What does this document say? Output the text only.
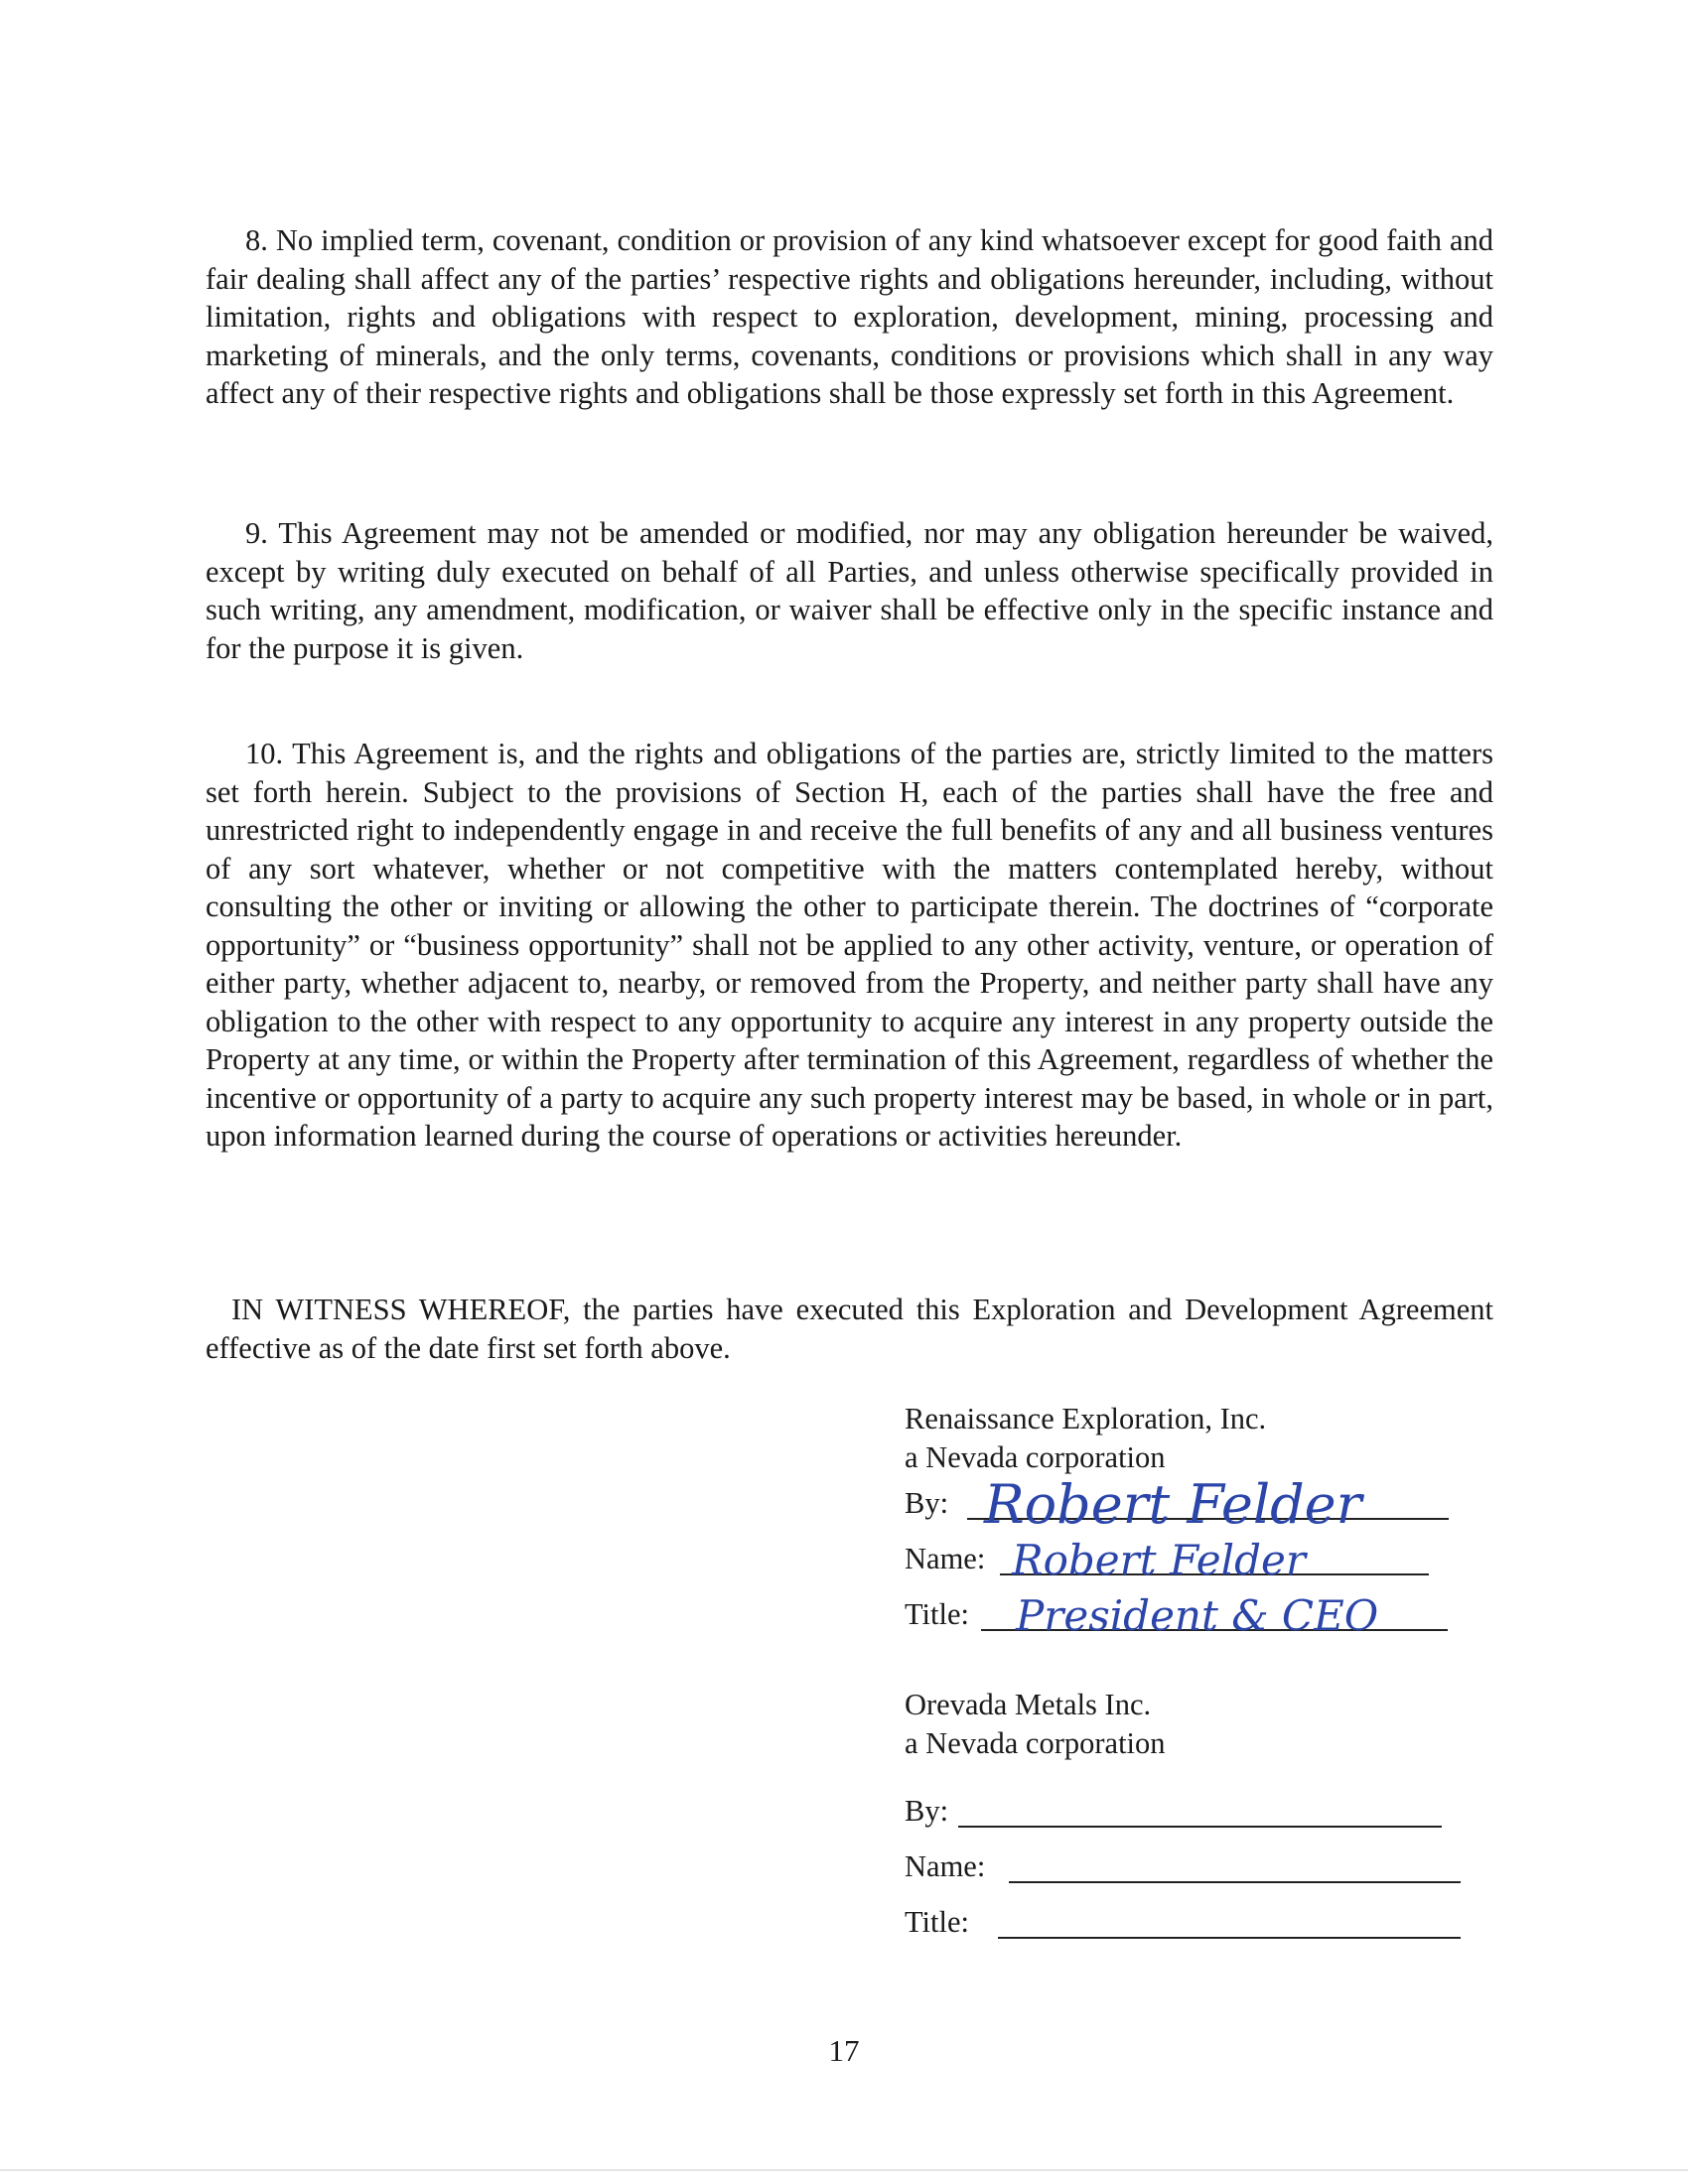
8. No implied term, covenant, condition or provision of any kind whatsoever except for good faith and fair dealing shall affect any of the parties’ respective rights and obligations hereunder, including, without limitation, rights and obligations with respect to exploration, development, mining, processing and marketing of minerals, and the only terms, covenants, conditions or provisions which shall in any way affect any of their respective rights and obligations shall be those expressly set forth in this Agreement.

9. This Agreement may not be amended or modified, nor may any obligation hereunder be waived, except by writing duly executed on behalf of all Parties, and unless otherwise specifically provided in such writing, any amendment, modification, or waiver shall be effective only in the specific instance and for the purpose it is given.

10. This Agreement is, and the rights and obligations of the parties are, strictly limited to the matters set forth herein. Subject to the provisions of Section H, each of the parties shall have the free and unrestricted right to independently engage in and receive the full benefits of any and all business ventures of any sort whatever, whether or not competitive with the matters contemplated hereby, without consulting the other or inviting or allowing the other to participate therein. The doctrines of “corporate opportunity” or “business opportunity” shall not be applied to any other activity, venture, or operation of either party, whether adjacent to, nearby, or removed from the Property, and neither party shall have any obligation to the other with respect to any opportunity to acquire any interest in any property outside the Property at any time, or within the Property after termination of this Agreement, regardless of whether the incentive or opportunity of a party to acquire any such property interest may be based, in whole or in part, upon information learned during the course of operations or activities hereunder.

IN WITNESS WHEREOF, the parties have executed this Exploration and Development Agreement effective as of the date first set forth above.

Renaissance Exploration, Inc.
a Nevada corporation
By: Robert Felder
Name: Robert Felder
Title: President & CEO
Orevada Metals Inc.
a Nevada corporation
By:
Name:
Title:
17
